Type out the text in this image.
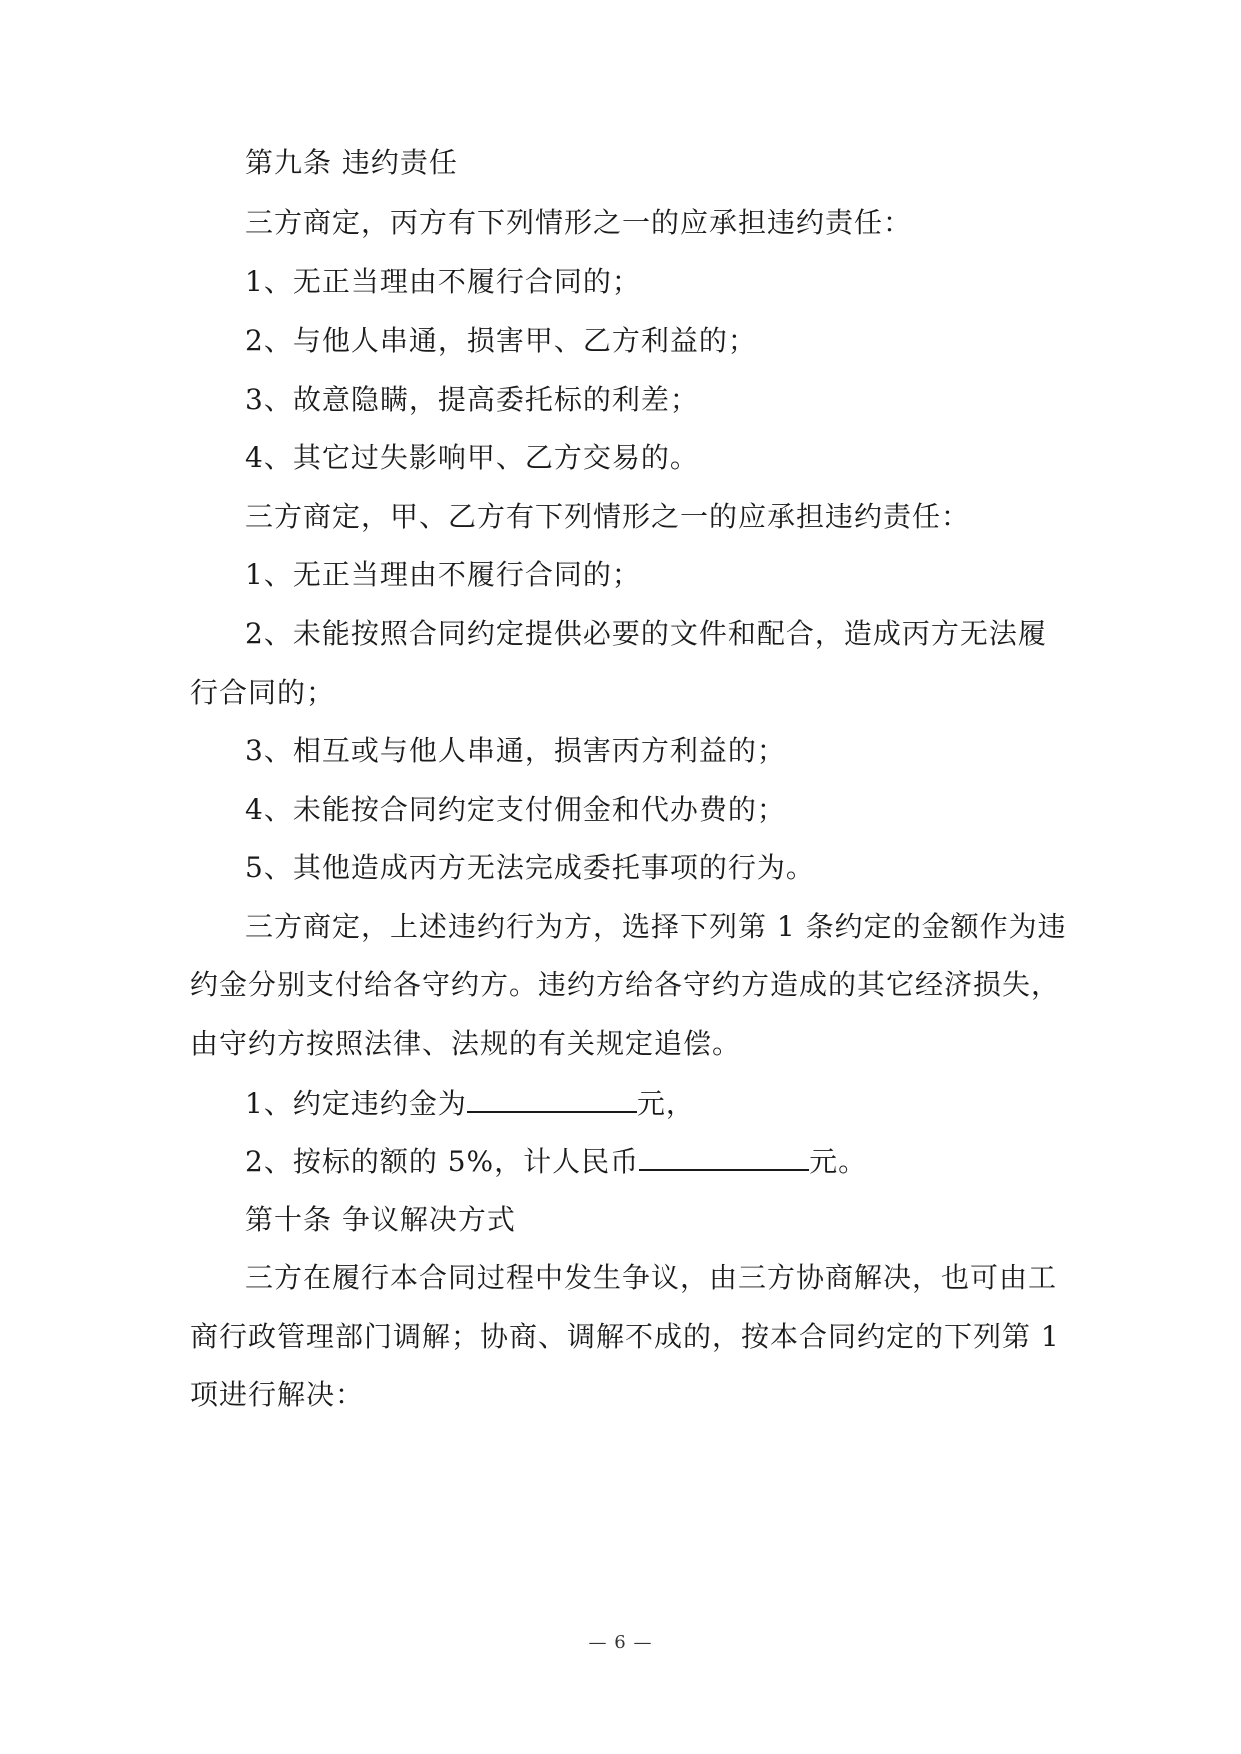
第九条 违约责任
三方商定，丙方有下列情形之一的应承担违约责任：
1、无正当理由不履行合同的；
2、与他人串通，损害甲、乙方利益的；
3、故意隐瞒，提高委托标的利差；
4、其它过失影响甲、乙方交易的。
三方商定，甲、乙方有下列情形之一的应承担违约责任：
1、无正当理由不履行合同的；
2、未能按照合同约定提供必要的文件和配合，造成丙方无法履
行合同的；
3、相互或与他人串通，损害丙方利益的；
4、未能按合同约定支付佣金和代办费的；
5、其他造成丙方无法完成委托事项的行为。
三方商定，上述违约行为方，选择下列第 1 条约定的金额作为违
约金分别支付给各守约方。违约方给各守约方造成的其它经济损失，
由守约方按照法律、法规的有关规定追偿。
1、约定违约金为	元，
2、按标的额的 5%，计人民币	元。
第十条 争议解决方式
三方在履行本合同过程中发生争议，由三方协商解决，也可由工
商行政管理部门调解；协商、调解不成的，按本合同约定的下列第 1
项进行解决：
— 6 —
